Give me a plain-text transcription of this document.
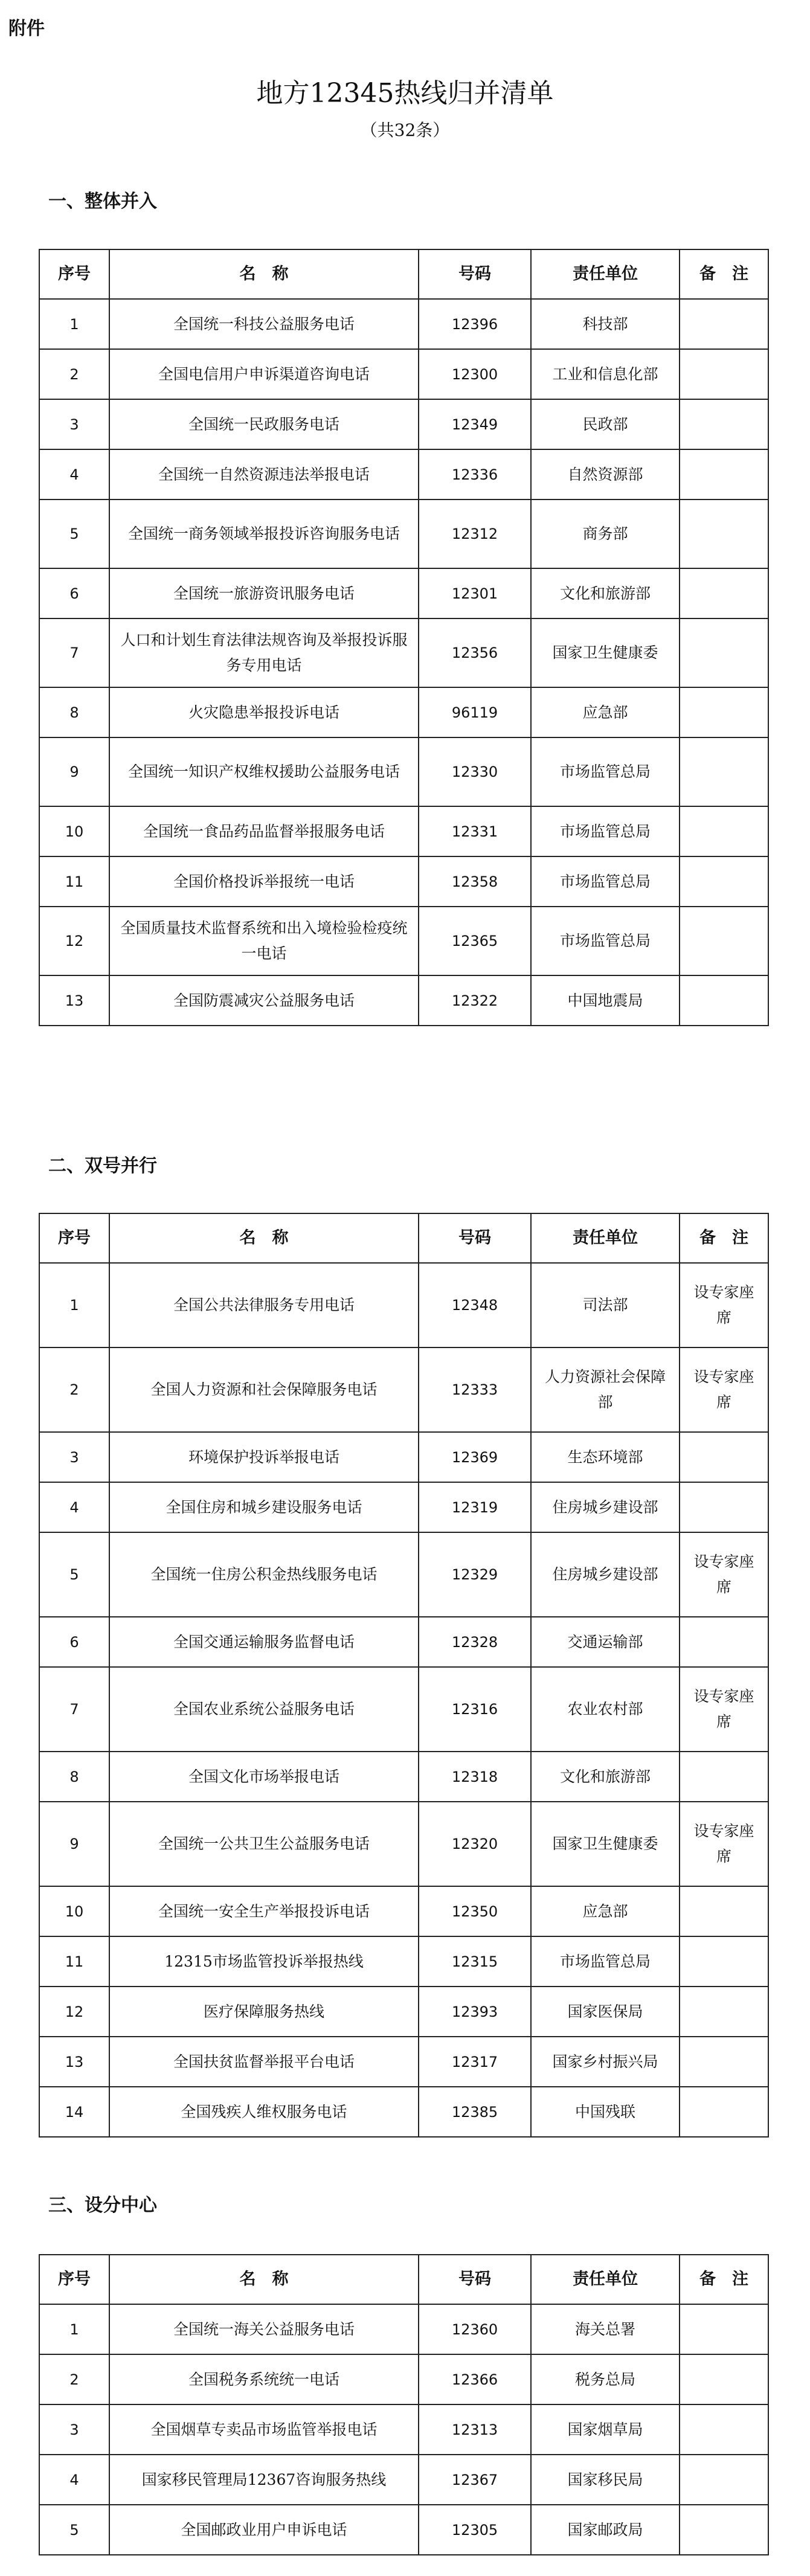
附件
地方12345热线归并清单
（共32条）
一、整体并入
序号	名　称	号码	责任单位	备　注
1	全国统一科技公益服务电话	12396	科技部	
2	全国电信用户申诉渠道咨询电话	12300	工业和信息化部	
3	全国统一民政服务电话	12349	民政部	
4	全国统一自然资源违法举报电话	12336	自然资源部	
5	全国统一商务领域举报投诉咨询服务电话	12312	商务部	
6	全国统一旅游资讯服务电话	12301	文化和旅游部	
7	人口和计划生育法律法规咨询及举报投诉服务专用电话	12356	国家卫生健康委	
8	火灾隐患举报投诉电话	96119	应急部	
9	全国统一知识产权维权援助公益服务电话	12330	市场监管总局	
10	全国统一食品药品监督举报服务电话	12331	市场监管总局	
11	全国价格投诉举报统一电话	12358	市场监管总局	
12	全国质量技术监督系统和出入境检验检疫统一电话	12365	市场监管总局	
13	全国防震减灾公益服务电话	12322	中国地震局	
二、双号并行
序号	名　称	号码	责任单位	备　注
1	全国公共法律服务专用电话	12348	司法部	设专家座席
2	全国人力资源和社会保障服务电话	12333	人力资源社会保障部	设专家座席
3	环境保护投诉举报电话	12369	生态环境部	
4	全国住房和城乡建设服务电话	12319	住房城乡建设部	
5	全国统一住房公积金热线服务电话	12329	住房城乡建设部	设专家座席
6	全国交通运输服务监督电话	12328	交通运输部	
7	全国农业系统公益服务电话	12316	农业农村部	设专家座席
8	全国文化市场举报电话	12318	文化和旅游部	
9	全国统一公共卫生公益服务电话	12320	国家卫生健康委	设专家座席
10	全国统一安全生产举报投诉电话	12350	应急部	
11	12315市场监管投诉举报热线	12315	市场监管总局	
12	医疗保障服务热线	12393	国家医保局	
13	全国扶贫监督举报平台电话	12317	国家乡村振兴局	
14	全国残疾人维权服务电话	12385	中国残联	
三、设分中心
序号	名　称	号码	责任单位	备　注
1	全国统一海关公益服务电话	12360	海关总署	
2	全国税务系统统一电话	12366	税务总局	
3	全国烟草专卖品市场监管举报电话	12313	国家烟草局	
4	国家移民管理局12367咨询服务热线	12367	国家移民局	
5	全国邮政业用户申诉电话	12305	国家邮政局	
